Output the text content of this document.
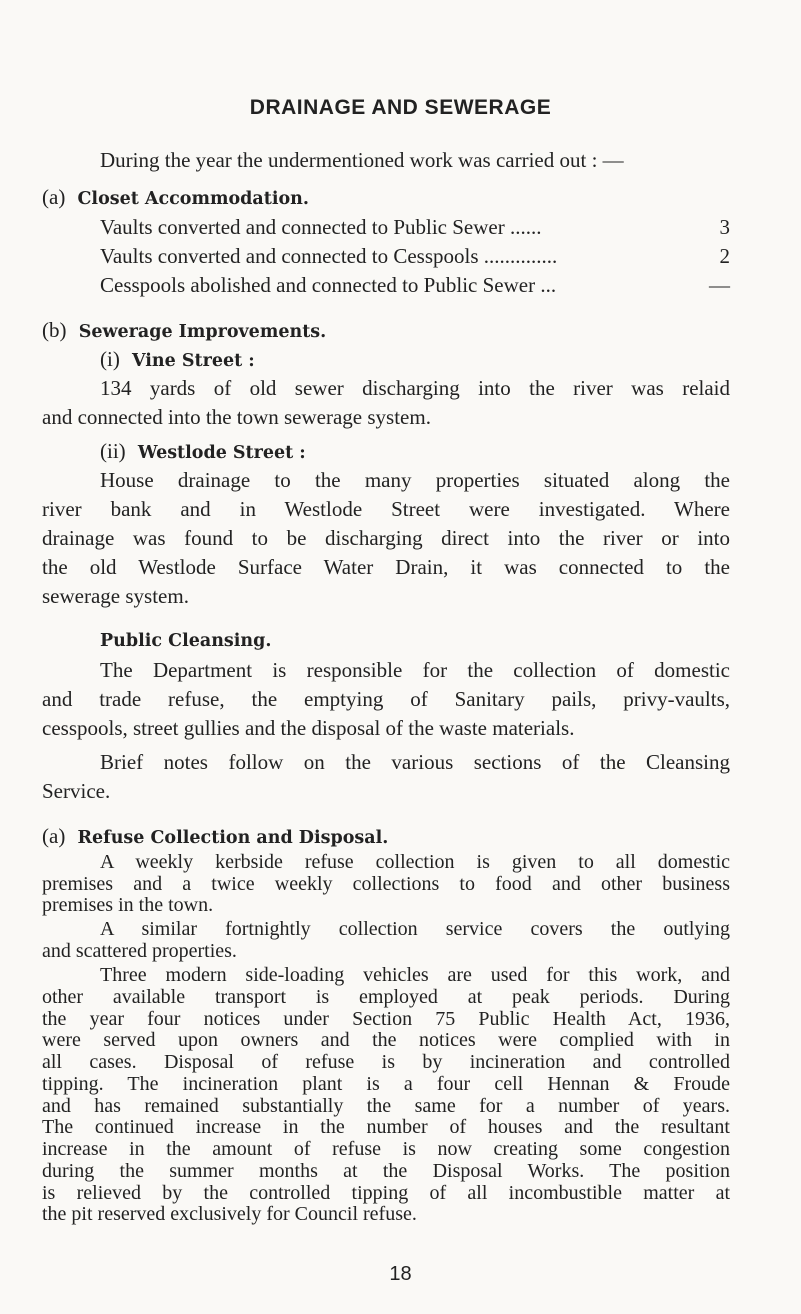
DRAINAGE AND SEWERAGE

During the year the undermentioned work was carried out : —

(a) Closet Accommodation.
Vaults converted and connected to Public Sewer ......	3
Vaults converted and connected to Cesspools ..............	2
Cesspools abolished and connected to Public Sewer ...	—
(b) Sewerage Improvements.
(i) Vine Street :
134 yards of old sewer discharging into the river was relaid
and connected into the town sewerage system.
(ii) Westlode Street :
House drainage to the many properties situated along the
river bank and in Westlode Street were investigated. Where
drainage was found to be discharging direct into the river or into
the old Westlode Surface Water Drain, it was connected to the
sewerage system.
Public Cleansing.
The Department is responsible for the collection of domestic
and trade refuse, the emptying of Sanitary pails, privy-vaults,
cesspools, street gullies and the disposal of the waste materials.
Brief notes follow on the various sections of the Cleansing
Service.
(a) Refuse Collection and Disposal.
A weekly kerbside refuse collection is given to all domestic
premises and a twice weekly collections to food and other business
premises in the town.
A similar fortnightly collection service covers the outlying
and scattered properties.
Three modern side-loading vehicles are used for this work, and
other available transport is employed at peak periods. During
the year four notices under Section 75 Public Health Act, 1936,
were served upon owners and the notices were complied with in
all cases. Disposal of refuse is by incineration and controlled
tipping. The incineration plant is a four cell Hennan & Froude
and has remained substantially the same for a number of years.
The continued increase in the number of houses and the resultant
increase in the amount of refuse is now creating some congestion
during the summer months at the Disposal Works. The position
is relieved by the controlled tipping of all incombustible matter at
the pit reserved exclusively for Council refuse.
18
